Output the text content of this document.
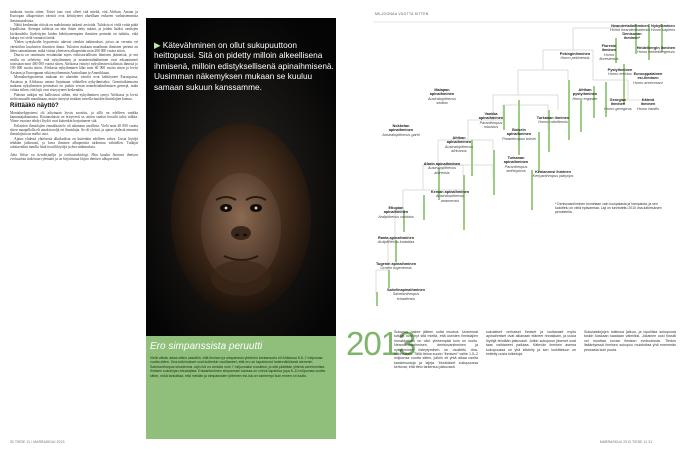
tatuhatta vuotta sitten. Toiset taas ovat olleet sitä mieltä, että Afrikan, Aasian ja Euroopan alkuperäiset väestöt ovat kehittyneet alueillaan erikseen varhaisemmista ihmismuodoista.

Näitä kenkenään riitistä on mahdotonta tarkasti arvioida. Tuloksia ei vielä voida pitää lopullisina. Aiempia tuloksia on niin ikään tietty määrä, ja joiden lisäksi vanhojen kivikaudelta löydettyjen luiden kehittyneempien ihmisten perimää on tutkittu, eikä lukuja voi vielä varmasti tietää.

Yhden syntykodin hypoteesia tukevat etenkin tutkimukset, joissa on verrattu eri väestöihin kuuluvien ihmisten dnata. Tulosten mukaan maailman ihmisten perimä on lähes samanlainen, mikä viittaa yhteiseen alkuperään noin 200 000 vuotta sitten.

Dna:ta on onnistuttu eristämään myös esihistoriallisten ihmisten jäänteistä, ja sen avulla on selvitetty, että nykyihminen ja neandertalinihminen ovat erkaantuneet toisistaan noin 400 000 vuotta sitten. Afrikassa esiintyi nykyihmisen kaltaisia ihmisiä jo 190 000 vuotta sitten. Afrikasta nykyihminen lähti noin 60 000 vuotta sitten ja levisi Aasiaan ja Eurooppaan sekä myöhemmin Australiaan ja Amerikkaan.

Monialuehypoteesin mukaan eri alueiden väestöt ovat kehittyneet Euroopassa, Aasiassa ja Afrikassa omina linjoinaan vähitellen nykyihmiseksi. Geenitutkimusten mukaan nykyihmisen perimässä on jonkin verran neandertalinihmisen geenejä, mikä viittaa siihen, että lajit ovat risteytyneet keskenään.

Pääosin tutkijat nyt kallistuvat siihen, että nykyihminen syntyi Afrikassa ja levisi sieltä muualle maailmaan, mutta risteytyi matkan varrella muiden ihmislajien kanssa.

Riittääkö näyttö?

Monialuehypoteesi oli aikoinaan hyvin suosittu, ja sillä on edelleen vankka kannattajakuntansa. Kiistanalaista on erityisesti se, miten vanhat fossiilit tulisi tulkita. Viime vuosina tehdyt löydöt ovat kuitenkin horjuttaneet sitä.

Erilaisten ihmislajien rinnakkaiselo oli aikanaan tavallista. Vielä noin 40 000 vuotta sitten maapallolla eli ainakin neljä eri ihmislajia. Se oli yleistä, ja ajatus yhdestä ainoasta ihmislajista on melko uusi.

Ajatus yhdestä yhteisestä alkukodista on kuitenkin edelleen vahva. Uusia löytöjä tehdään jatkuvasti, ja kuva ihmisen alkuperästä tarkentuu vähitellen. Tutkijat odottavatkin innolla lisää fossiililöytöjä ja dna-tutkimuksia.

Juha Valste on tietokirjailija ja evoluutiobiologi. Hän kuuluu Suomen ihmisen evoluutiota tutkivaan ryhmään ja on kirjoittanut kirjan ihmisen alkuperästä.

▶ Kätevähminen on ollut sukupuuttoon heittopussi. Sitä on pidetty milloin alkeellisena ihmisenä, milloin edistyksellisenä apinaihmisenä. Uusimman näkemyksen mukaan se kuuluu samaan sukuun kanssamme.
Ero simpanssista peruutti
Vielä vähän aikaa sitten uskottiin, että ihmisen ja simpanssin yhteinen kantamuoto eli Afrikassa 5,5–7 miljoonaa vuotta sitten. Dna-tutkimukset ovat kuitenkin osoittaneet, että ero on tapahtunut todennäköisesti aiemmin. Sahelanthropus tchadensis -lajin ikä on arvioitu noin 7 miljoonaksi vuodeksi, ja sitä pidetään yhtenä vanhimmista ihmisen sukulinjan edustajista. Erkaantuminen simpanssin kanssa on voinut tapahtua jopa 8–10 miljoonaa vuotta sitten, mikä tarkoittaa, että meidän ja simpanssien yhteinen esi-isä on vanhempi kuin ennen on luultu.
MILJOONAA VUOTTA SITTEN
Neandertalinihminen
Homo neanderthalensis
Denisovan ihminen*
Nykyihminen
Homo sapiens
Floresin ihminen
Homo floresiensis
Heidelbergin ihminen
Homo heidelbergensis
Pekinginihminen
Homo pekinensis
Pystyihminen
Homo erectus Eurooppalainen esi-ihminen
Homo antecessor
Afrikan pystyihminen
Homo ergaster	Georgian ihminen
Homo georgicus
Kätevä ihminen
Homo habilis
Malapan apinaihminen
Australopithecus sediba
Vankka apinaihminen
Paranthropus robustus
Boisein apinaihminen
Paranthropus boisei
Turkanan ihminen
Homo rudolfensis
Nokkelan apinaihminen
Australopithecus garhi
Afrikan apinaihminen
Australopithecus africanus
Turkanan apinaihminen
Paranthropus aethiopicus
Afarin apinaihminen
Australopithecus afarensis	Keniannesi ihminen
Kenyanthropus platyops
Kenian apinaihminen
Australopithecus anamensis
Etiopian apinaihminen
Ardipithecus ramidus
Ranta apinaihminen
Ardipithecus kadabba
Tugenin apinaihminen
Orrorin tugenensis
Sahelinapinaihminen
Sahelanthropus tchadensis
* Denisovanihminen tunnetaan vain luunpalasta ja hampaista, ja sen luokittelu on vielä epävarmaa. Laji on tunnistettu 2010 dna-tutkimuksen perusteella.
2013
Sukupuu hakee jälleen uutta muotoa. Uusimmat tutkijat ovat nyt sitä mieltä, että useiden ihmislajien rinnakkaiselo on ollut yleisempää kuin on luultu. Neandertalinihmisen, denisovanihmisen ja nykyihmisen risteytyminen on osoitettu dna-tutkimuksin. Tällä tietoa suurin ”ihmisen” vaihe 1,5–2 miljoonaa vuotta sitten, jolloin eli yhtä aikaa useita kantamuotoja ja lajeja. Muutokset sukupuussa kertovat, että tieto tarkentuu jatkuvasti.
sukulaiset verhaiset ihmiset ja luultavasti myös apinaihmiset ovat aikanaan eläneet rinnakkain, ja uusia löytöjä tehdään jatkuvasti. Jotkin sukupuun jäsenet ovat taas vaihtaneet paikkaa. Kätevän ihmisen asema sukupuussa on yhä kiistelty ja sen luokitteluun on esitetty uusia tulkintoja.
Sukulaislinjojen tutkimus jatkuu, ja lopullista sukupuuta tuskin koskaan saadaan valmiiksi. Jokainen uusi fossiili voi muuttaa kuvaa ihmisen evoluutiosta. Tiedon lisääntyessä ihmisen sukupuu muistuttaa yhä enemmän pensasta kuin puuta.
30 TIEDE 11 / MARRASKUU 2013	MARRASKUU 2013 TIEDE 11 31
